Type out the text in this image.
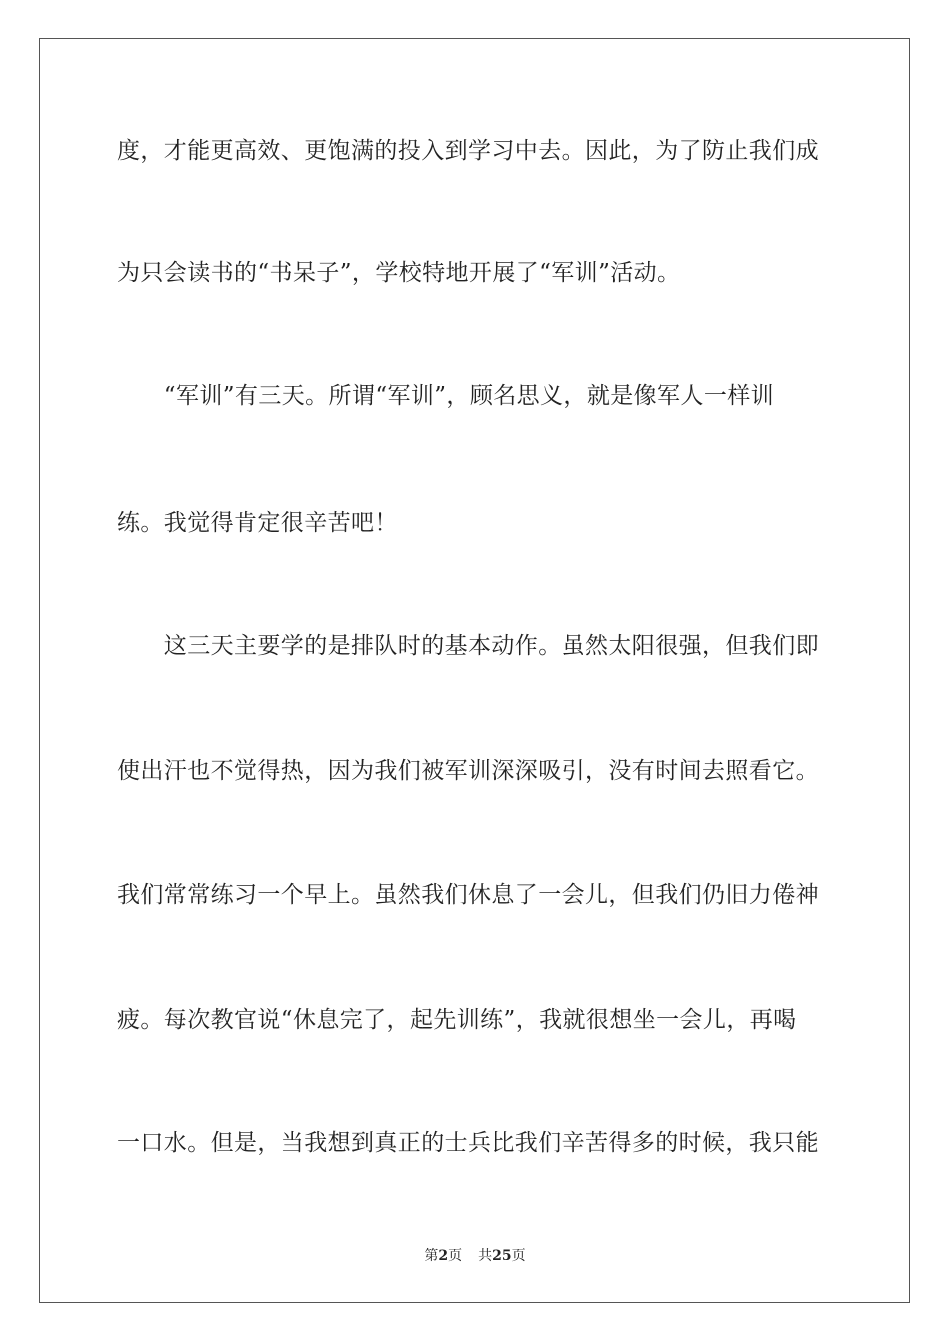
度，才能更高效、更饱满的投入到学习中去。因此，为了防止我们成
为只会读书的“书呆子”，学校特地开展了“军训”活动。
　　“军训”有三天。所谓“军训”，顾名思义，就是像军人一样训
练。我觉得肯定很辛苦吧！
　　这三天主要学的是排队时的基本动作。虽然太阳很强，但我们即
使出汗也不觉得热，因为我们被军训深深吸引，没有时间去照看它。
我们常常练习一个早上。虽然我们休息了一会儿，但我们仍旧力倦神
疲。每次教官说“休息完了，起先训练”，我就很想坐一会儿，再喝
一口水。但是，当我想到真正的士兵比我们辛苦得多的时候，我只能
第2页 共25页
